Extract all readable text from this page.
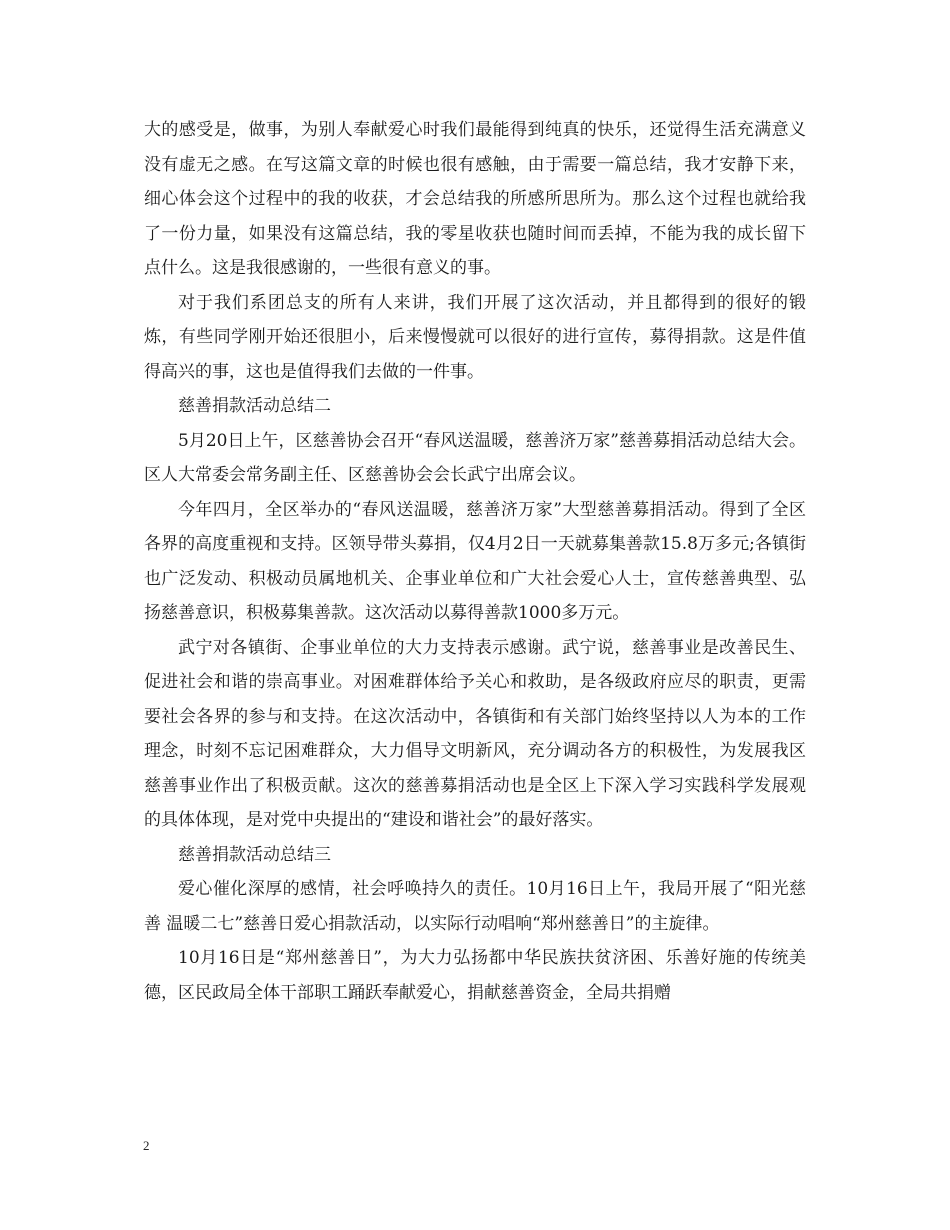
大的感受是，做事，为别人奉献爱心时我们最能得到纯真的快乐，还觉得生活充满意义没有虚无之感。在写这篇文章的时候也很有感触，由于需要一篇总结，我才安静下来，细心体会这个过程中的我的收获，才会总结我的所感所思所为。那么这个过程也就给我了一份力量，如果没有这篇总结，我的零星收获也随时间而丢掉，不能为我的成长留下点什么。这是我很感谢的，一些很有意义的事。

对于我们系团总支的所有人来讲，我们开展了这次活动，并且都得到的很好的锻炼，有些同学刚开始还很胆小，后来慢慢就可以很好的进行宣传，募得捐款。这是件值得高兴的事，这也是值得我们去做的一件事。

慈善捐款活动总结二

5月20日上午，区慈善协会召开“春风送温暖，慈善济万家”慈善募捐活动总结大会。区人大常委会常务副主任、区慈善协会会长武宁出席会议。

今年四月，全区举办的“春风送温暖，慈善济万家”大型慈善募捐活动。得到了全区各界的高度重视和支持。区领导带头募捐，仅4月2日一天就募集善款15.8万多元;各镇街也广泛发动、积极动员属地机关、企事业单位和广大社会爱心人士，宣传慈善典型、弘扬慈善意识，积极募集善款。这次活动以募得善款1000多万元。

武宁对各镇街、企事业单位的大力支持表示感谢。武宁说，慈善事业是改善民生、促进社会和谐的崇高事业。对困难群体给予关心和救助，是各级政府应尽的职责，更需要社会各界的参与和支持。在这次活动中，各镇街和有关部门始终坚持以人为本的工作理念，时刻不忘记困难群众，大力倡导文明新风，充分调动各方的积极性，为发展我区慈善事业作出了积极贡献。这次的慈善募捐活动也是全区上下深入学习实践科学发展观的具体体现，是对党中央提出的“建设和谐社会”的最好落实。

慈善捐款活动总结三

爱心催化深厚的感情，社会呼唤持久的责任。10月16日上午，我局开展了“阳光慈善 温暖二七”慈善日爱心捐款活动，以实际行动唱响“郑州慈善日”的主旋律。

10月16日是“郑州慈善日”，为大力弘扬都中华民族扶贫济困、乐善好施的传统美德，区民政局全体干部职工踊跃奉献爱心，捐献慈善资金，全局共捐赠

2
